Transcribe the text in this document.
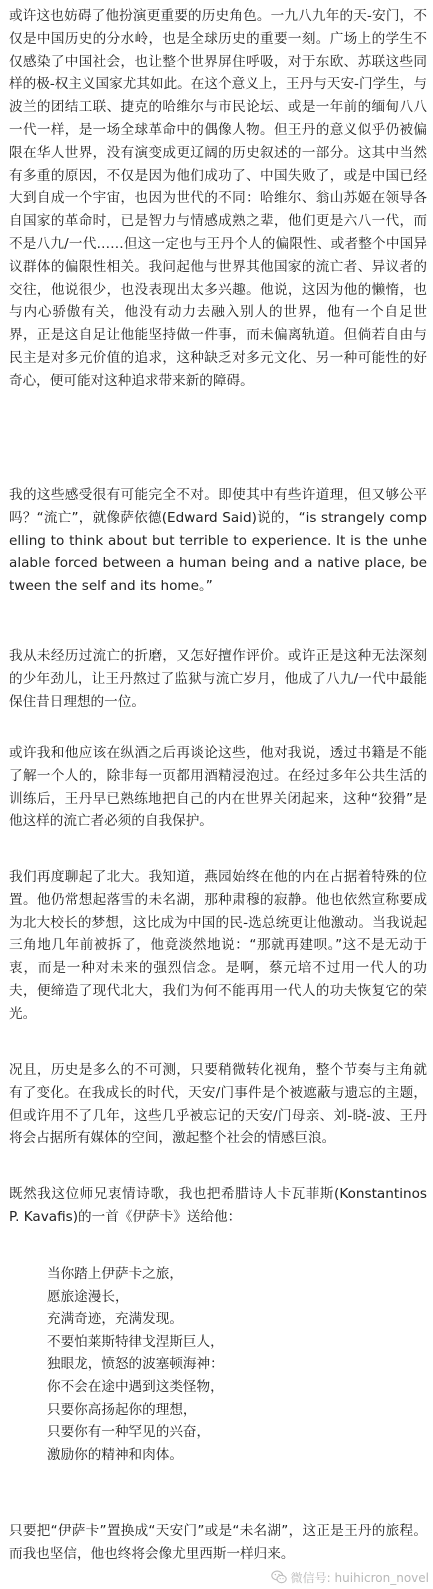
或许这也妨碍了他扮演更重要的历史角色。一九八九年的天-安门，不仅是中国历史的分水岭，也是全球历史的重要一刻。广场上的学生不仅感染了中国社会，也让整个世界屏住呼吸，对于东欧、苏联这些同样的极-权主义国家尤其如此。在这个意义上，王丹与天安-门学生，与波兰的团结工联、捷克的哈维尔与市民论坛、或是一年前的缅甸八八一代一样，是一场全球革命中的偶像人物。但王丹的意义似乎仍被偏限在华人世界，没有演变成更辽阔的历史叙述的一部分。这其中当然有多重的原因，不仅是因为他们成功了、中国失败了，或是中国已经大到自成一个宇宙，也因为世代的不同：哈维尔、翁山苏姬在领导各自国家的革命时，已是智力与情感成熟之辈，他们更是六八一代，而不是八九/一代……但这一定也与王丹个人的偏限性、或者整个中国异议群体的偏限性相关。我问起他与世界其他国家的流亡者、异议者的交往，他说很少，也没表现出太多兴趣。他说，这因为他的懒惰，也与内心骄傲有关，他没有动力去融入别人的世界，他有一个自足世界，正是这自足让他能坚持做一件事，而未偏离轨道。但倘若自由与民主是对多元价值的追求，这种缺乏对多元文化、另一种可能性的好奇心，便可能对这种追求带来新的障碍。

我的这些感受很有可能完全不对。即使其中有些许道理，但又够公平吗？“流亡”，就像萨依德(Edward Said)说的，“is strangely compelling to think about but terrible to experience. It is the unhealable forced between a human being and a native place, between the self and its home。”

我从未经历过流亡的折磨，又怎好擅作评价。或许正是这种无法深刻的少年劲儿，让王丹熬过了监狱与流亡岁月，他成了八九/一代中最能保住昔日理想的一位。

或许我和他应该在纵酒之后再谈论这些，他对我说，透过书籍是不能了解一个人的，除非每一页都用酒精浸泡过。在经过多年公共生活的训练后，王丹早已熟练地把自己的内在世界关闭起来，这种“狡猾”是他这样的流亡者必须的自我保护。

我们再度聊起了北大。我知道，燕园始终在他的内在占据着特殊的位置。他仍常想起落雪的未名湖，那种肃穆的寂静。他也依然宣称要成为北大校长的梦想，这比成为中国的民-选总统更让他激动。当我说起三角地几年前被拆了，他竟淡然地说：“那就再建呗。”这不是无动于衷，而是一种对未来的强烈信念。是啊，蔡元培不过用一代人的功夫，便缔造了现代北大，我们为何不能再用一代人的功夫恢复它的荣光。

况且，历史是多么的不可测，只要稍微转化视角，整个节奏与主角就有了变化。在我成长的时代，天安/门事件是个被遮蔽与遗忘的主题，但或许用不了几年，这些几乎被忘记的天安/门母亲、刘-晓-波、王丹将会占据所有媒体的空间，激起整个社会的情感巨浪。

既然我这位师兄衷情诗歌，我也把希腊诗人卡瓦菲斯(Konstantinos P. Kavafis)的一首《伊萨卡》送给他：

当你踏上伊萨卡之旅，
愿旅途漫长，
充满奇迹，充满发现。
不要怕莱斯特律戈涅斯巨人，
独眼龙，愤怒的波塞顿海神：
你不会在途中遇到这类怪物，
只要你高扬起你的理想，
只要你有一种罕见的兴奋，
激励你的精神和肉体。

只要把“伊萨卡”置换成“天安门”或是“未名湖”，这正是王丹的旅程。而我也坚信，他也终将会像尤里西斯一样归来。

微信号: huihicron_novel
